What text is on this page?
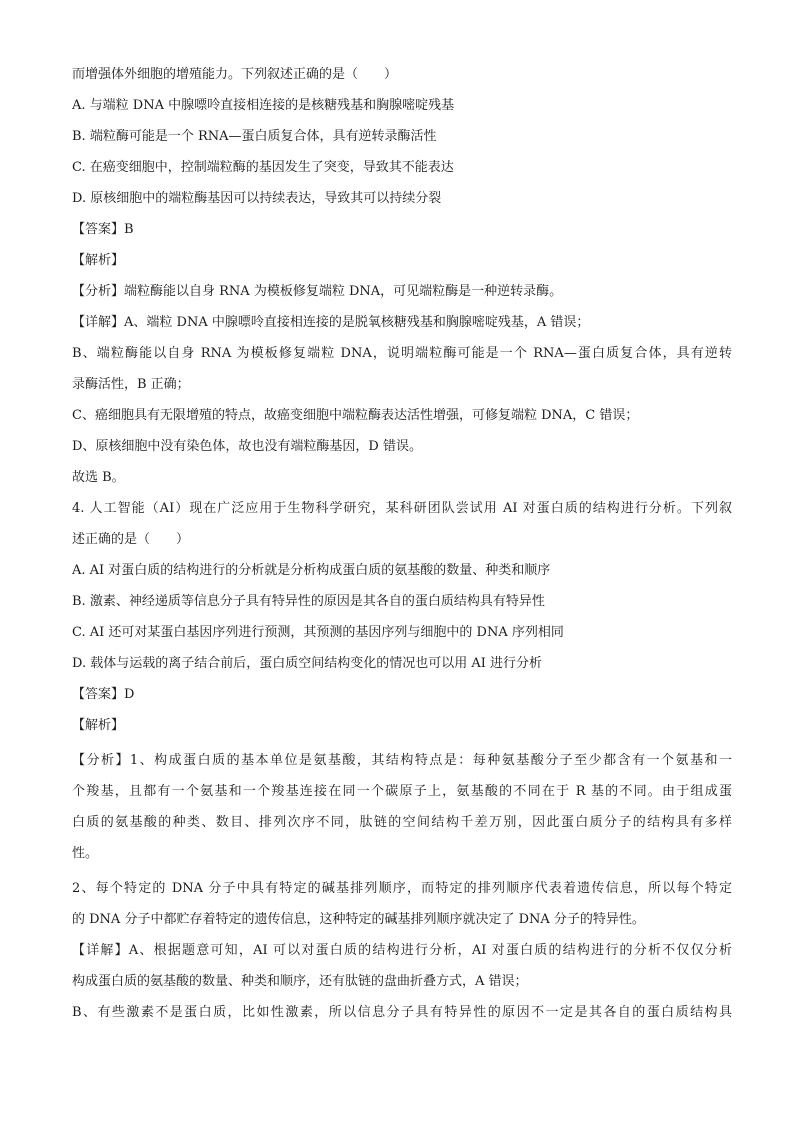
而增强体外细胞的增殖能力。下列叙述正确的是（　　）
A. 与端粒 DNA 中腺嘌呤直接相连接的是核糖残基和胸腺嘧啶残基
B. 端粒酶可能是一个 RNA—蛋白质复合体，具有逆转录酶活性
C. 在癌变细胞中，控制端粒酶的基因发生了突变，导致其不能表达
D. 原核细胞中的端粒酶基因可以持续表达，导致其可以持续分裂
【答案】B
【解析】
【分析】端粒酶能以自身 RNA 为模板修复端粒 DNA，可见端粒酶是一种逆转录酶。
【详解】A、端粒 DNA 中腺嘌呤直接相连接的是脱氧核糖残基和胸腺嘧啶残基，A 错误；
B、端粒酶能以自身 RNA 为模板修复端粒 DNA，说明端粒酶可能是一个 RNA—蛋白质复合体，具有逆转
录酶活性，B 正确；
C、癌细胞具有无限增殖的特点，故癌变细胞中端粒酶表达活性增强，可修复端粒 DNA，C 错误；
D、原核细胞中没有染色体，故也没有端粒酶基因，D 错误。
故选 B。
4. 人工智能（AI）现在广泛应用于生物科学研究，某科研团队尝试用 AI 对蛋白质的结构进行分析。下列叙
述正确的是（　　）
A. AI 对蛋白质的结构进行的分析就是分析构成蛋白质的氨基酸的数量、种类和顺序
B. 激素、神经递质等信息分子具有特异性的原因是其各自的蛋白质结构具有特异性
C. AI 还可对某蛋白基因序列进行预测，其预测的基因序列与细胞中的 DNA 序列相同
D. 载体与运载的离子结合前后，蛋白质空间结构变化的情况也可以用 AI 进行分析
【答案】D
【解析】
【分析】1、构成蛋白质的基本单位是氨基酸，其结构特点是：每种氨基酸分子至少都含有一个氨基和一
个羧基，且都有一个氨基和一个羧基连接在同一个碳原子上，氨基酸的不同在于 R 基的不同。由于组成蛋
白质的氨基酸的种类、数目、排列次序不同，肽链的空间结构千差万别，因此蛋白质分子的结构具有多样
性。
2、每个特定的 DNA 分子中具有特定的碱基排列顺序，而特定的排列顺序代表着遗传信息，所以每个特定
的 DNA 分子中都贮存着特定的遗传信息，这种特定的碱基排列顺序就决定了 DNA 分子的特异性。
【详解】A、根据题意可知，AI 可以对蛋白质的结构进行分析，AI 对蛋白质的结构进行的分析不仅仅分析
构成蛋白质的氨基酸的数量、种类和顺序，还有肽链的盘曲折叠方式，A 错误；
B、有些激素不是蛋白质，比如性激素，所以信息分子具有特异性的原因不一定是其各自的蛋白质结构具
